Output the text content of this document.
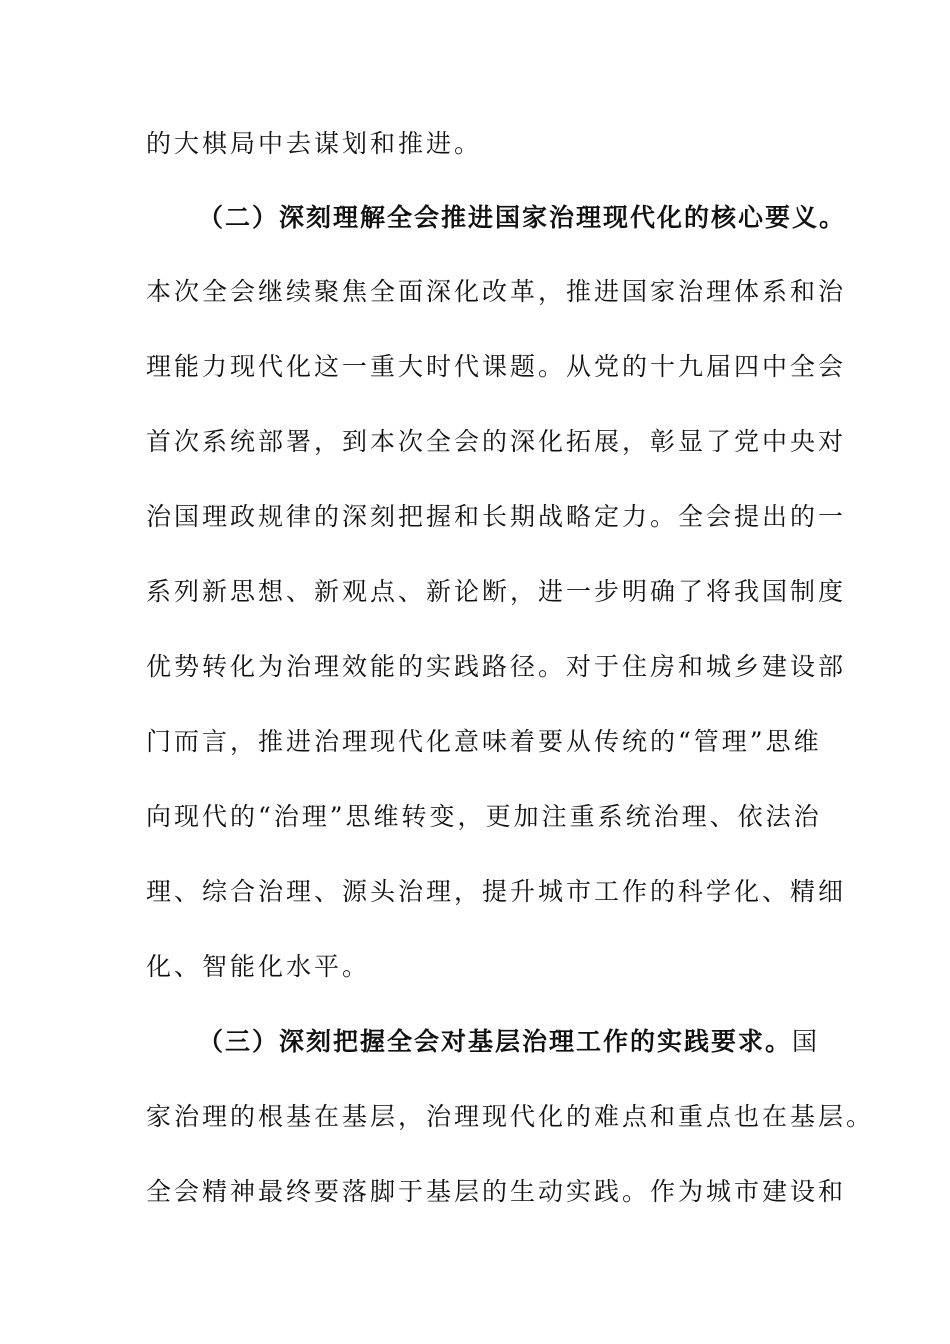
的大棋局中去谋划和推进。
（二）深刻理解全会推进国家治理现代化的核心要义。
本次全会继续聚焦全面深化改革，推进国家治理体系和治
理能力现代化这一重大时代课题。从党的十九届四中全会
首次系统部署，到本次全会的深化拓展，彰显了党中央对
治国理政规律的深刻把握和长期战略定力。全会提出的一
系列新思想、新观点、新论断，进一步明确了将我国制度
优势转化为治理效能的实践路径。对于住房和城乡建设部
门而言，推进治理现代化意味着要从传统的“管理”思维
向现代的“治理”思维转变，更加注重系统治理、依法治
理、综合治理、源头治理，提升城市工作的科学化、精细
化、智能化水平。
（三）深刻把握全会对基层治理工作的实践要求。国
家治理的根基在基层，治理现代化的难点和重点也在基层。
全会精神最终要落脚于基层的生动实践。作为城市建设和
